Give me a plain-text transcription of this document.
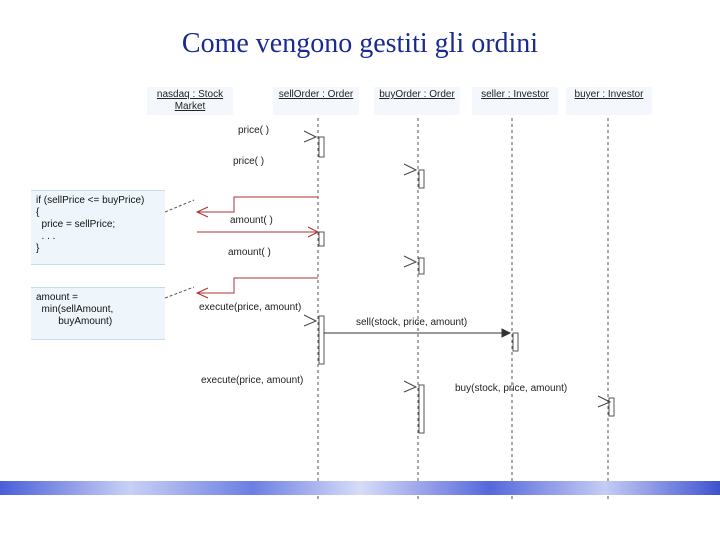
Come vengono gestiti gli ordini
nasdaq : Stock
Market
sellOrder : Order	buyOrder : Order	seller : Investor	buyer : Investor
if (sellPrice <= buyPrice)
{
price = sellPrice;
. . .
}
amount =
min(sellAmount,
buyAmount)
price( )
price( )
amount( )
amount( )
execute(price, amount)
sell(stock, price, amount)
execute(price, amount)
buy(stock, price, amount)
